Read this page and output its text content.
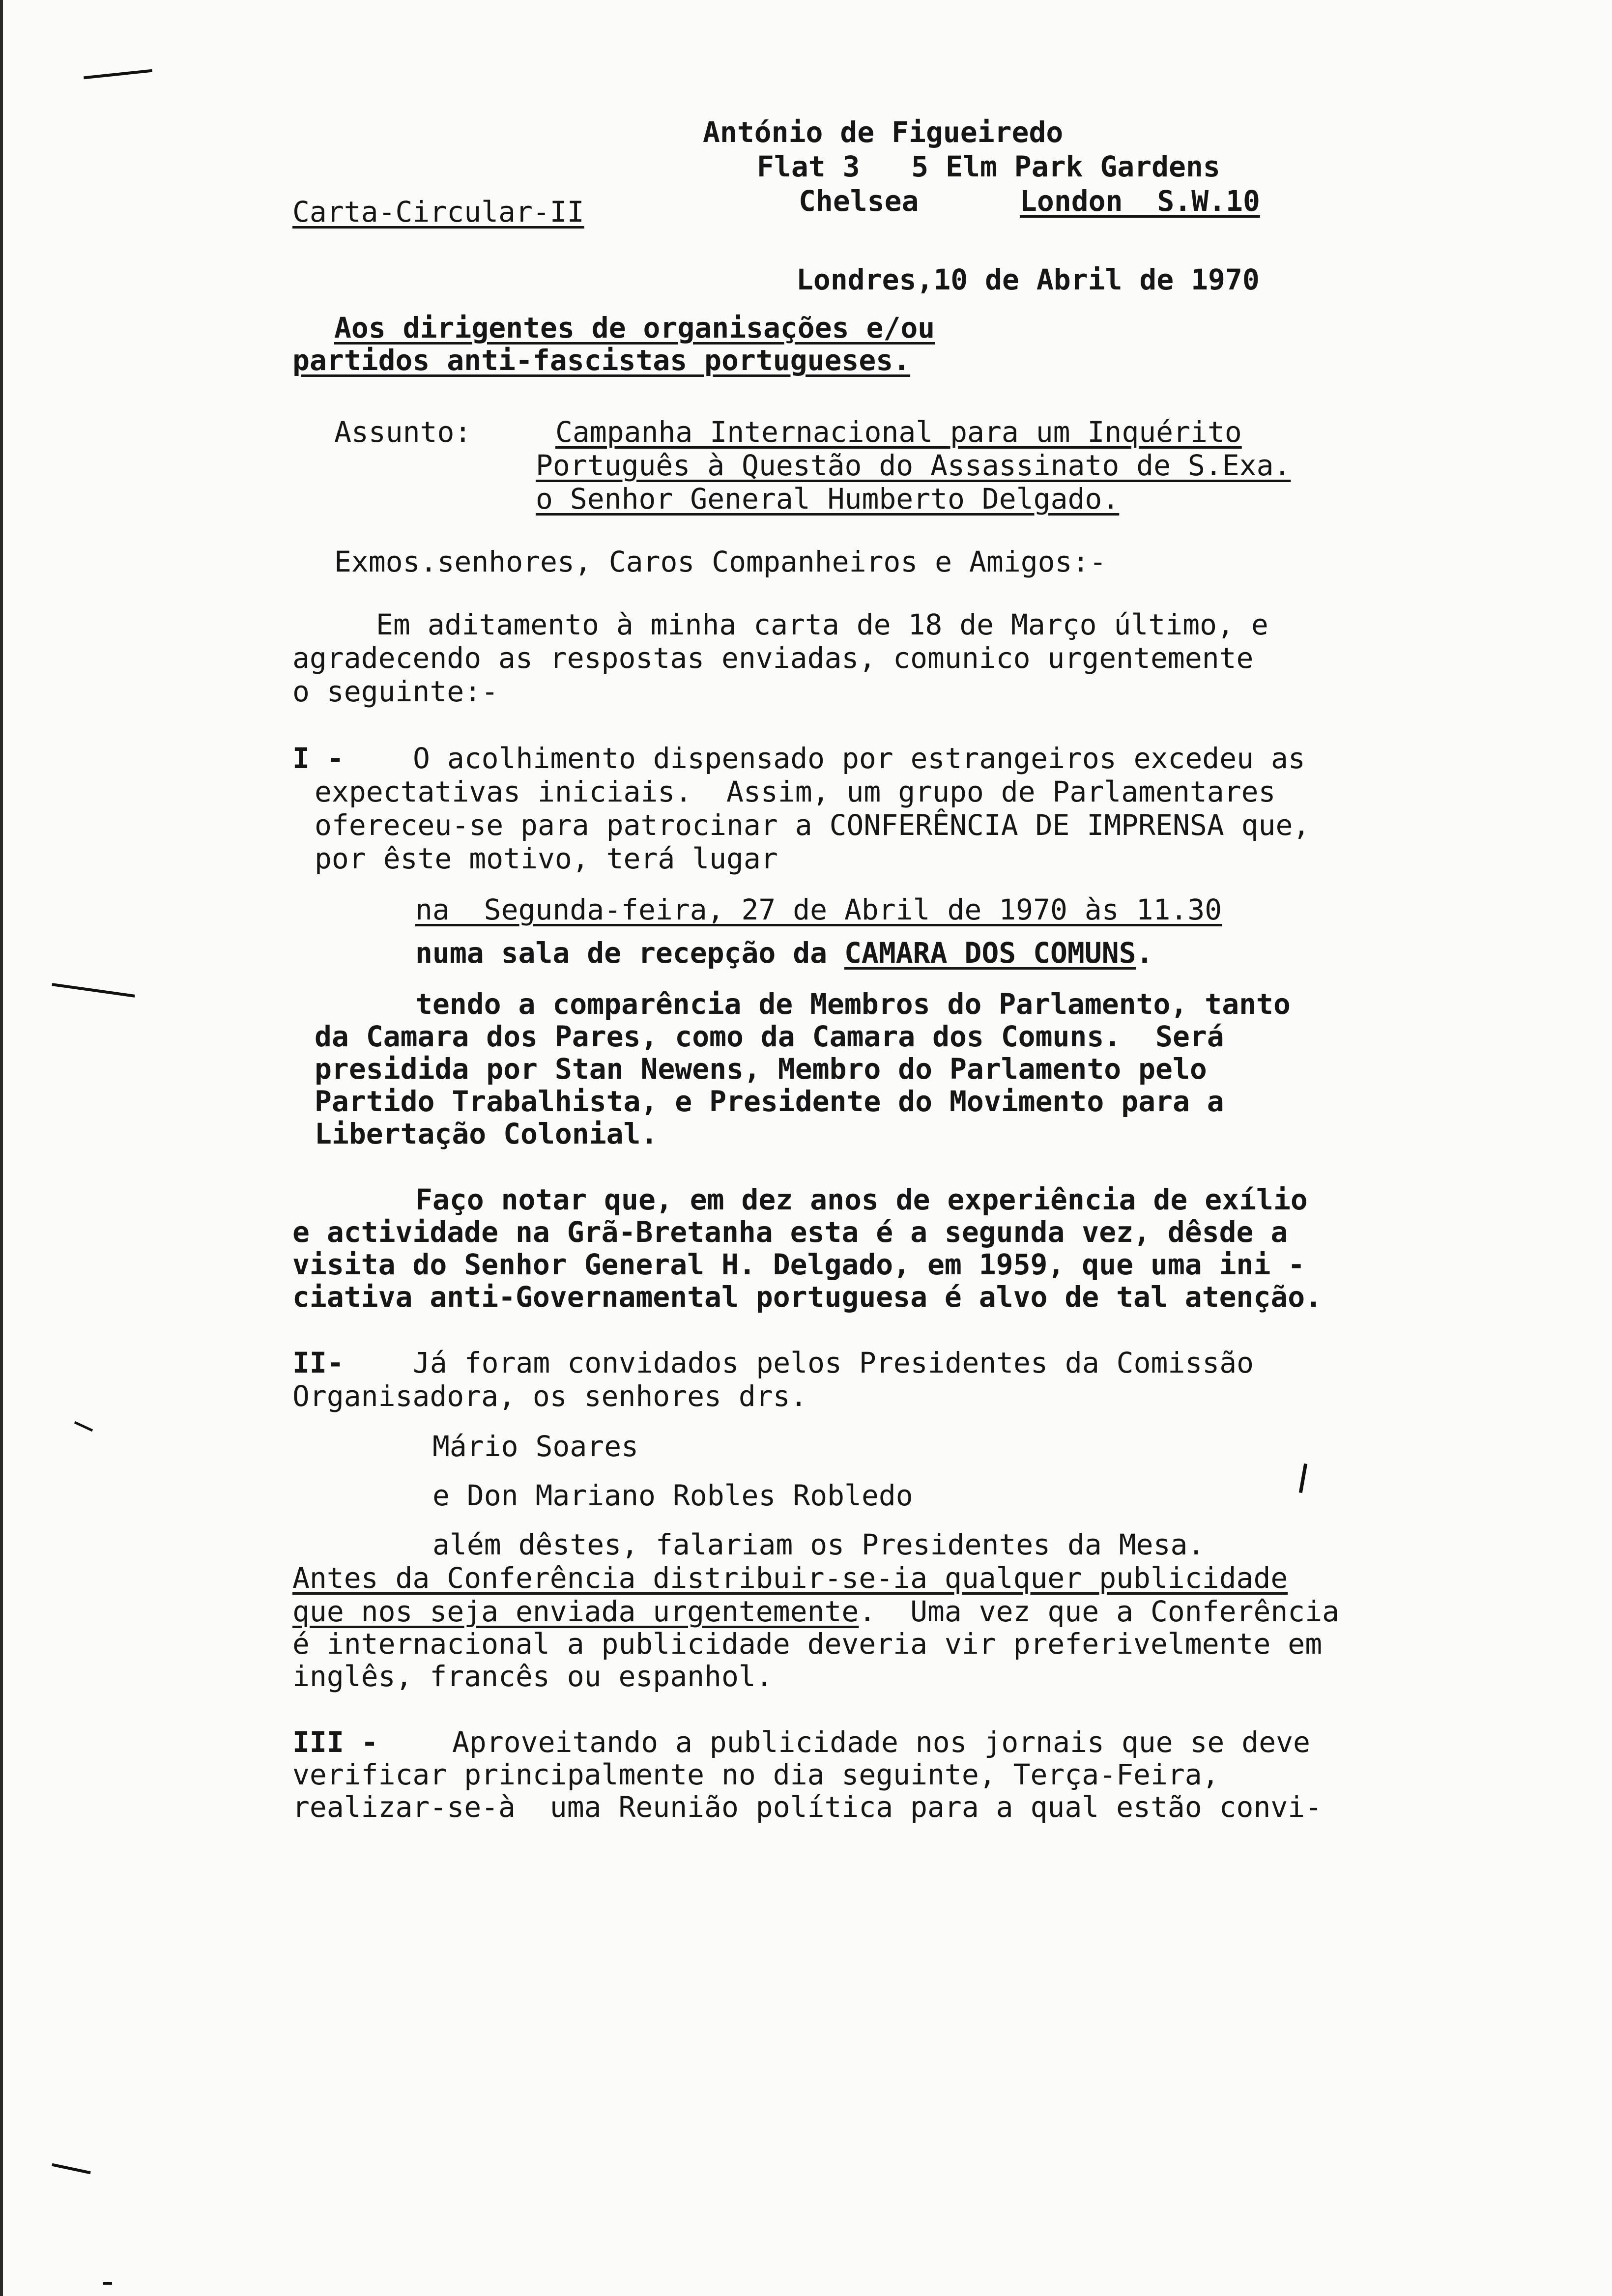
António de Figueiredo
Flat 3   5 Elm Park Gardens
Chelsea	London  S.W.10
Carta-Circular-II
Londres,10 de Abril de 1970
Aos dirigentes de organisações e/ou
partidos anti-fascistas portugueses.
Assunto:	Campanha Internacional para um Inquérito
Português à Questão do Assassinato de S.Exa.
o Senhor General Humberto Delgado.
Exmos.senhores, Caros Companheiros e Amigos:-
Em aditamento à minha carta de 18 de Março último, e
agradecendo as respostas enviadas, comunico urgentemente
o seguinte:-
I - O acolhimento dispensado por estrangeiros excedeu as
expectativas iniciais.  Assim, um grupo de Parlamentares
ofereceu-se para patrocinar a CONFERÊNCIA DE IMPRENSA que,
por êste motivo, terá lugar
na  Segunda-feira, 27 de Abril de 1970 às 11.30
numa sala de recepção da CAMARA DOS COMUNS.
tendo a comparência de Membros do Parlamento, tanto
da Camara dos Pares, como da Camara dos Comuns.  Será
presidida por Stan Newens, Membro do Parlamento pelo
Partido Trabalhista, e Presidente do Movimento para a
Libertação Colonial.
Faço notar que, em dez anos de experiência de exílio
e actividade na Grã-Bretanha esta é a segunda vez, dêsde a
visita do Senhor General H. Delgado, em 1959, que uma ini -
ciativa anti-Governamental portuguesa é alvo de tal atenção.
II- Já foram convidados pelos Presidentes da Comissão
Organisadora, os senhores drs.
Mário Soares
e Don Mariano Robles Robledo
além dêstes, falariam os Presidentes da Mesa.
Antes da Conferência distribuir-se-ia qualquer publicidade
que nos seja enviada urgentemente.  Uma vez que a Conferência
é internacional a publicidade deveria vir preferivelmente em
inglês, francês ou espanhol.
III -	Aproveitando a publicidade nos jornais que se deve
verificar principalmente no dia seguinte, Terça-Feira,
realizar-se-à  uma Reunião política para a qual estão convi-
